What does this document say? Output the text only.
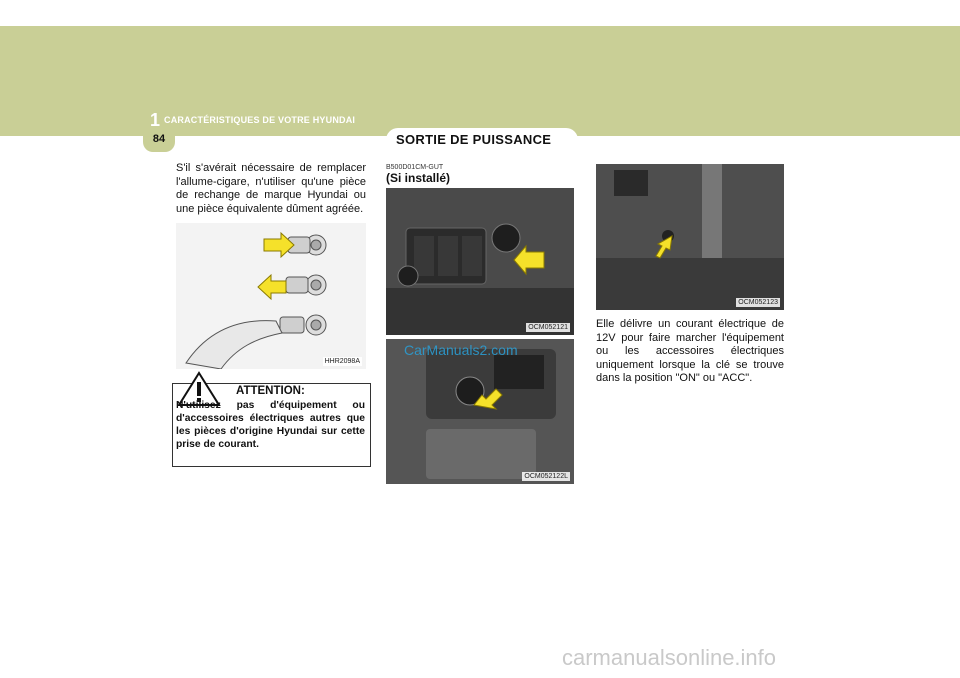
1 CARACTÉRISTIQUES DE VOTRE HYUNDAI
84	SORTIE DE PUISSANCE
S'il s'avérait nécessaire de remplacer l'allume-cigare, n'utiliser qu'une pièce de rechange de marque Hyundai ou une pièce équivalente dûment agréée.
HHR2098A
ATTENTION:
N'utilisez pas d'équipement ou d'accessoires électriques autres que les pièces d'origine Hyundai sur cette prise de courant.
B500D01CM-GUT
(Si installé)
OCM052121
OCM052122L
CarManuals2.com
OCM052123
Elle délivre un courant électrique de 12V pour faire marcher l'équipement ou les accessoires électriques uniquement lorsque la clé se trouve dans la position "ON" ou "ACC".
carmanualsonline.info
